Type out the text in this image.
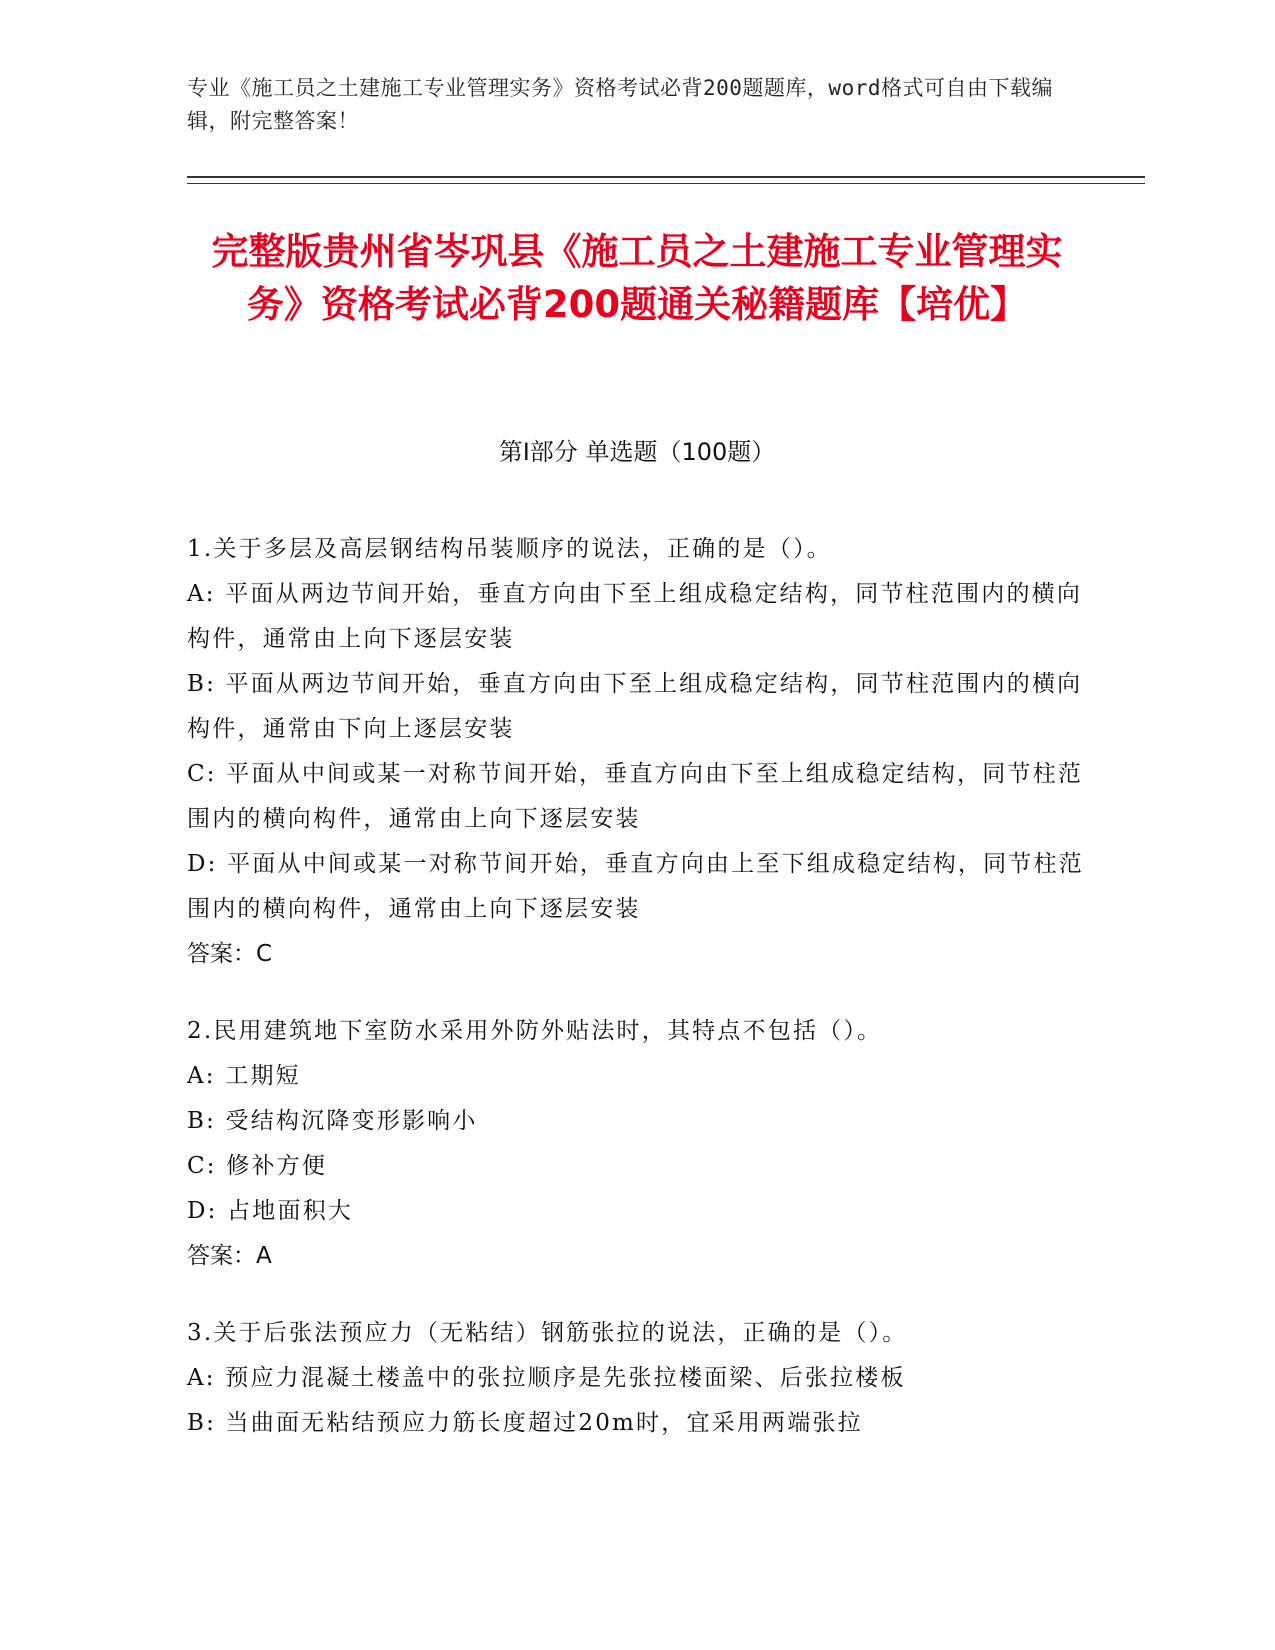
专业《施工员之土建施工专业管理实务》资格考试必背200题题库，word格式可自由下载编辑，附完整答案！
完整版贵州省岑巩县《施工员之土建施工专业管理实务》资格考试必背200题通关秘籍题库【培优】
第Ⅰ部分 单选题（100题）

1.关于多层及高层钢结构吊装顺序的说法，正确的是（）。

A: 平面从两边节间开始，垂直方向由下至上组成稳定结构，同节柱范围内的横向构件，通常由上向下逐层安装

B: 平面从两边节间开始，垂直方向由下至上组成稳定结构，同节柱范围内的横向构件，通常由下向上逐层安装

C: 平面从中间或某一对称节间开始，垂直方向由下至上组成稳定结构，同节柱范围内的横向构件，通常由上向下逐层安装

D: 平面从中间或某一对称节间开始，垂直方向由上至下组成稳定结构，同节柱范围内的横向构件，通常由上向下逐层安装

答案：C

2.民用建筑地下室防水采用外防外贴法时，其特点不包括（）。

A: 工期短

B: 受结构沉降变形影响小

C: 修补方便

D: 占地面积大

答案：A

3.关于后张法预应力（无粘结）钢筋张拉的说法，正确的是（）。

A: 预应力混凝土楼盖中的张拉顺序是先张拉楼面梁、后张拉楼板

B: 当曲面无粘结预应力筋长度超过20m时，宜采用两端张拉
